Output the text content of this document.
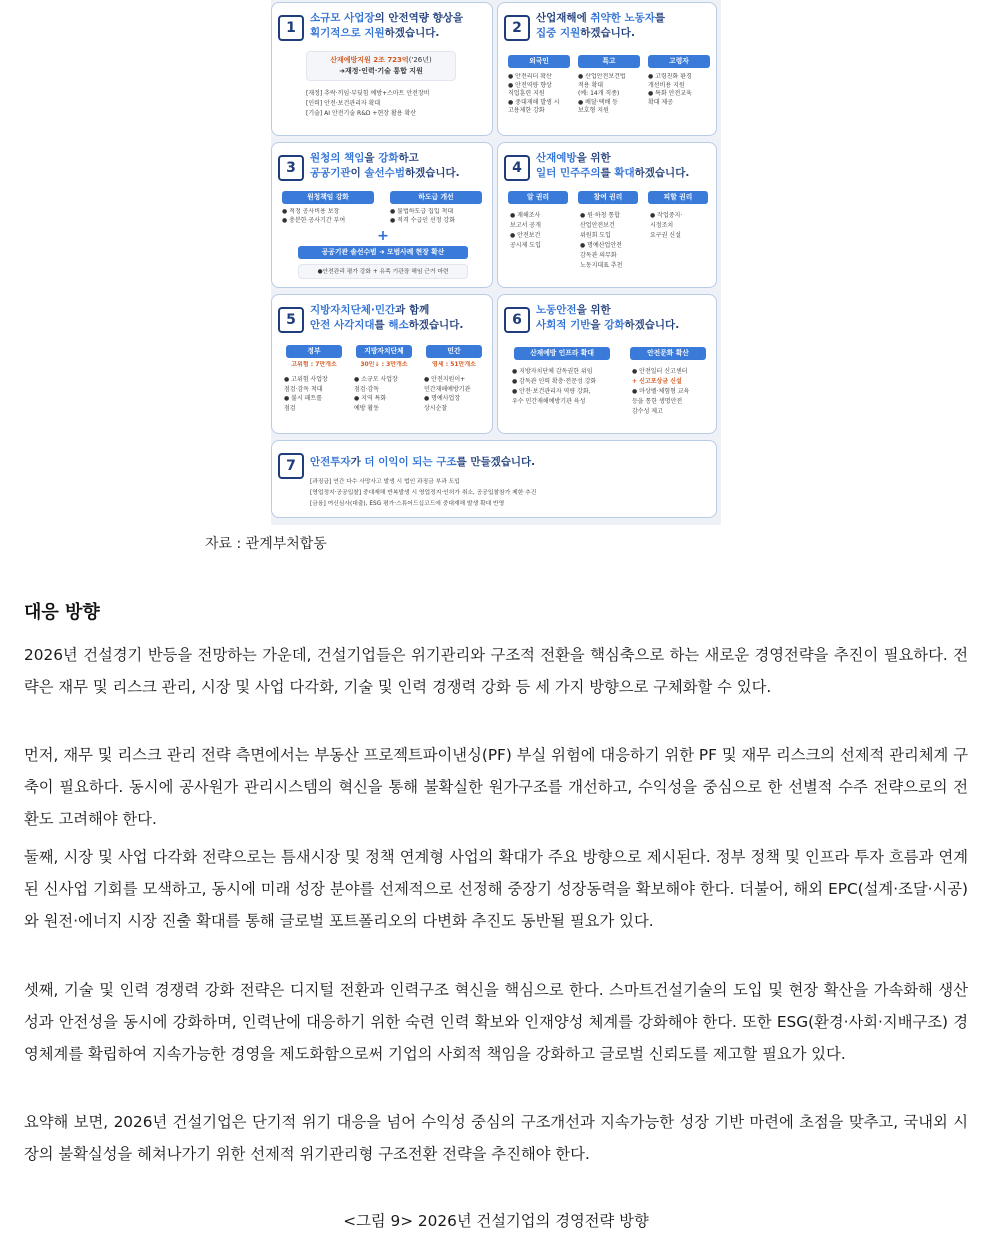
1
소규모 사업장의 안전역량 향상을
획기적으로 지원하겠습니다.
산재예방지원 2조 723억('26년)
➜재정·인력·기술 통합 지원
[재정] 추락·끼임·부딪힘 예방+스마트 안전장비
[인력] 안전·보건관리자 확대
[기술] AI 안전기술 R&D +현장 활용 확산
2
산업재해에 취약한 노동자를
집중 지원하겠습니다.
외국인	특고	고령자
● 안전리더 확산
● 안전역량 향상
직업훈련 지원
● 중대재해 발생 시
고용제한 강화
● 산업안전보건법
적용 확대
(예: 14개 직종)
● 배달·택배 등
보호형 지원
● 고령친화 환경
개선비용 지원
● 특화 안전교육
확대 제공
3
원청의 책임을 강화하고
공공기관이 솔선수범하겠습니다.
원청책임 강화	하도급 개선
● 적정 공사비용 보장
● 충분한 공사기간 부여
● 불법하도급 집입 척대
● 적격 수급인 선정 강화
+
공공기관 솔선수범 ➜ 모범사례 현장 확산
●안전관리 평가 강화 + 유족 기관장 해임 근거 마련
4
산재예방을 위한
일터 민주주의를 확대하겠습니다.
알 권리	참여 권리	피할 권리
● 재해조사
보고서 공개
● 안전보건
공시제 도입
● 원·하청 통합
산업안전보건
위원회 도입
● 명예산업안전
감독관 의무화
노동지대표 추천
● 작업중지·
시정조치
요구권 신설
5
지방자치단체·민간과 함께
안전 사각지대를 해소하겠습니다.
정부	지방자치단체	민간
고위험 : 7만개소	30인↓ : 3만개소	영세 : 51만개소
● 고위험 사업장
점검·감독 척대
● 불시 패트롤
점검
● 소규모 사업장
점검·감독
● 지역 특화
예방 활동
● 안전지원이+
민간재해예방기관
● 명예사업장
상시순찰
6
노동안전을 위한
사회적 기반을 강화하겠습니다.
산재예방 인프라 확대	안전문화 확산
● 지방자치단체 감독권한 위임
● 감독관 인력 확충·전문성 강화
● 안전·보건관리자 역량 강화,
우수 민간재해예방기관 육성
● 안전일터 신고센터
+ 신고포상금 신설
● 마상펠·체험형 교육
등을 통한 생명안전
감수성 제고
7	안전투자가 더 이익이 되는 구조를 만들겠습니다.
[과징금] 연간 다수 사망사고 발생 시 법인 과징금 부과 도입
[영업정지·공공입찰] 중대재해 반복발생 시 영업정지·인허가 취소, 공공입찰참가 제한 추진
[금융] 여신심사(대출), ESG 평가·스튜어드십코드에 중대재해 발생 확대 반영
자료 : 관계부처합동
대응 방향
2026년 건설경기 반등을 전망하는 가운데, 건설기업들은 위기관리와 구조적 전환을 핵심축으로 하는 새로운 경영전략을 추진이 필요하다. 전략은 재무 및 리스크 관리, 시장 및 사업 다각화, 기술 및 인력 경쟁력 강화 등 세 가지 방향으로 구체화할 수 있다.
먼저, 재무 및 리스크 관리 전략 측면에서는 부동산 프로젝트파이낸싱(PF) 부실 위험에 대응하기 위한 PF 및 재무 리스크의 선제적 관리체계 구축이 필요하다. 동시에 공사원가 관리시스템의 혁신을 통해 불확실한 원가구조를 개선하고, 수익성을 중심으로 한 선별적 수주 전략으로의 전환도 고려해야 한다.
둘째, 시장 및 사업 다각화 전략으로는 틈새시장 및 정책 연계형 사업의 확대가 주요 방향으로 제시된다. 정부 정책 및 인프라 투자 흐름과 연계된 신사업 기회를 모색하고, 동시에 미래 성장 분야를 선제적으로 선정해 중장기 성장동력을 확보해야 한다. 더불어, 해외 EPC(설계·조달·시공)와 원전·에너지 시장 진출 확대를 통해 글로벌 포트폴리오의 다변화 추진도 동반될 필요가 있다.
셋째, 기술 및 인력 경쟁력 강화 전략은 디지털 전환과 인력구조 혁신을 핵심으로 한다. 스마트건설기술의 도입 및 현장 확산을 가속화해 생산성과 안전성을 동시에 강화하며, 인력난에 대응하기 위한 숙련 인력 확보와 인재양성 체계를 강화해야 한다. 또한 ESG(환경·사회·지배구조) 경영체계를 확립하여 지속가능한 경영을 제도화함으로써 기업의 사회적 책임을 강화하고 글로벌 신뢰도를 제고할 필요가 있다.
요약해 보면, 2026년 건설기업은 단기적 위기 대응을 넘어 수익성 중심의 구조개선과 지속가능한 성장 기반 마련에 초점을 맞추고, 국내외 시장의 불확실성을 헤쳐나가기 위한 선제적 위기관리형 구조전환 전략을 추진해야 한다.
<그림 9> 2026년 건설기업의 경영전략 방향
